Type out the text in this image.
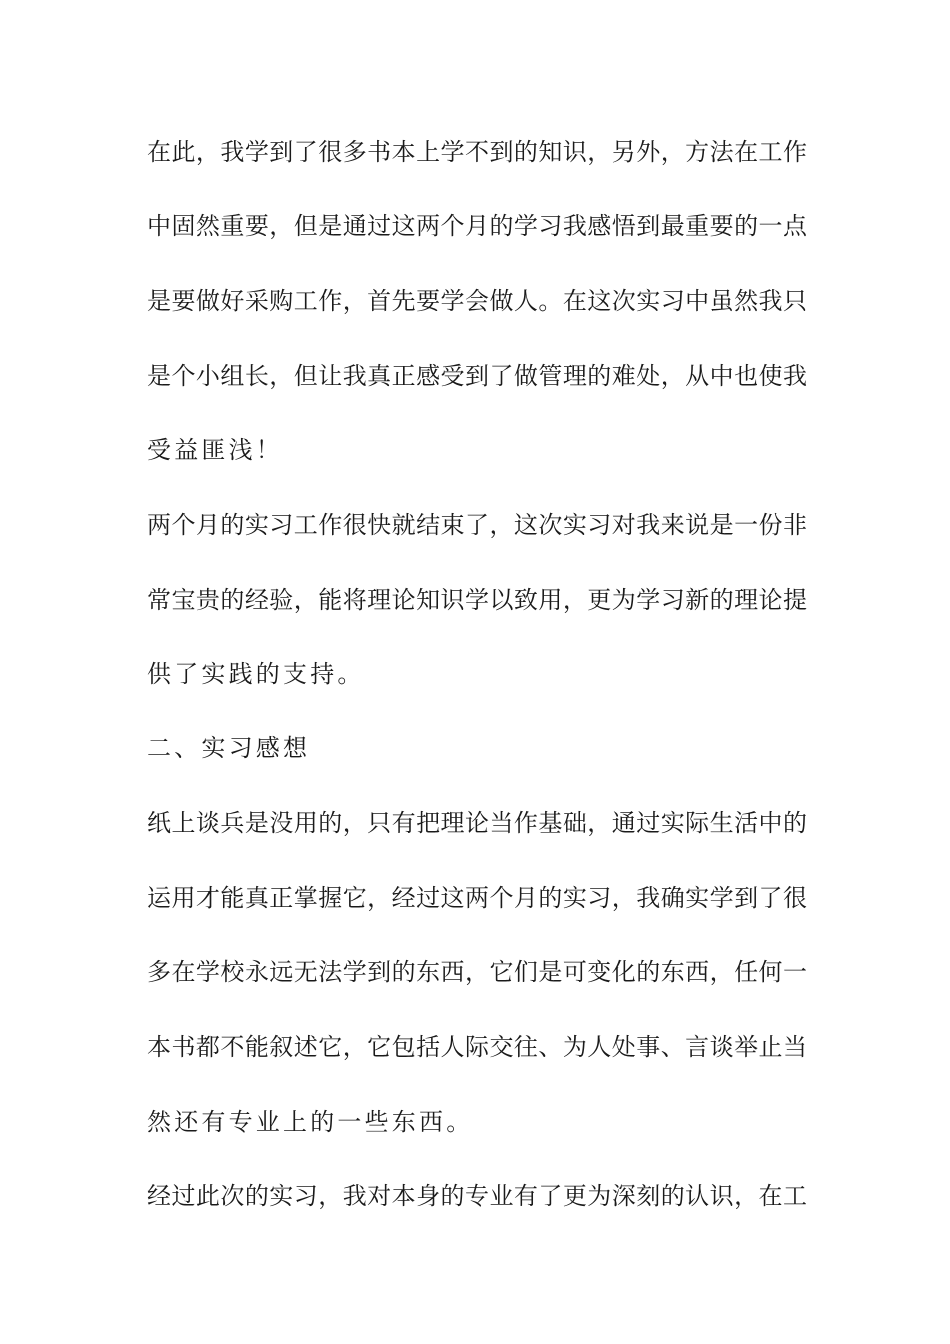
在此，我学到了很多书本上学不到的知识，另外，方法在工作
中固然重要，但是通过这两个月的学习我感悟到最重要的一点
是要做好采购工作，首先要学会做人。在这次实习中虽然我只
是个小组长，但让我真正感受到了做管理的难处，从中也使我
受益匪浅！
两个月的实习工作很快就结束了，这次实习对我来说是一份非
常宝贵的经验，能将理论知识学以致用，更为学习新的理论提
供了实践的支持。
二、实习感想
纸上谈兵是没用的，只有把理论当作基础，通过实际生活中的
运用才能真正掌握它，经过这两个月的实习，我确实学到了很
多在学校永远无法学到的东西，它们是可变化的东西，任何一
本书都不能叙述它，它包括人际交往、为人处事、言谈举止当
然还有专业上的一些东西。
经过此次的实习，我对本身的专业有了更为深刻的认识，在工
